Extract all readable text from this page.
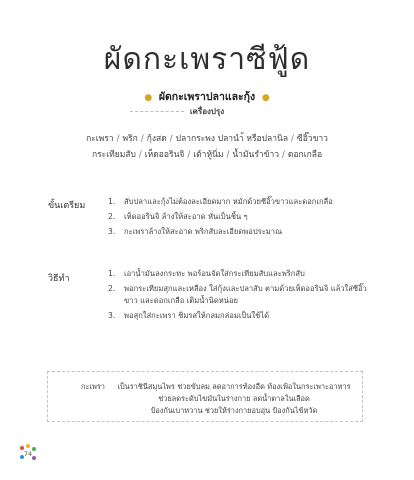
ผัดกะเพราซีฟู้ด
● ผัดกะเพราปลาและกุ้ง ●
เครื่องปรุง
กะเพรา / พริก / กุ้งสด / ปลากระพง ปลานำ้ หรือปลานิล / ซีอิ๊วขาว
กระเทียมสับ / เห็ดออรินจิ / เต้าหู้นิ่ม / น้ำมันรำข้าว / ดอกเกลือ
ขั้นเตรียม	1.	สับปลาและกุ้งไม่ต้องละเอียดมาก หมักด้วยซีอิ๊วขาวและดอกเกลือ
2.	เห็ดออรินจิ ล้างให้สะอาด หั่นเป็นชิ้น ๆ
3.	กะเพราล้างให้สะอาด พริกสับละเอียดพอประมาณ
วิธีทำ
1.	เอาน้ำมันลงกระทะ พอร้อนจัดใส่กระเทียมสับและพริกสับ
2.	พอกระเทียมสุกและเหลือง ใส่กุ้งและปลาสับ ตามด้วยเห็ดออรินจิ แล้วใส่ซีอิ๊วขาว และดอกเกลือ เติมน้ำนิดหน่อย
3.	พอสุกใส่กะเพรา ชิมรสให้กลมกล่อมเป็นใช้ได้
กะเพรา เป็นราชินีสมุนไพร ช่วยขับลม ลดอาการท้องอืด ท้องเฟ้อในกระเพาะอาหาร
ช่วยลดระดับไขมันในร่างกาย ลดน้ำตาลในเลือด
ป้องกันเบาหวาน ช่วยให้ร่างกายอบอุ่น ป้องกันไข้หวัด
74
